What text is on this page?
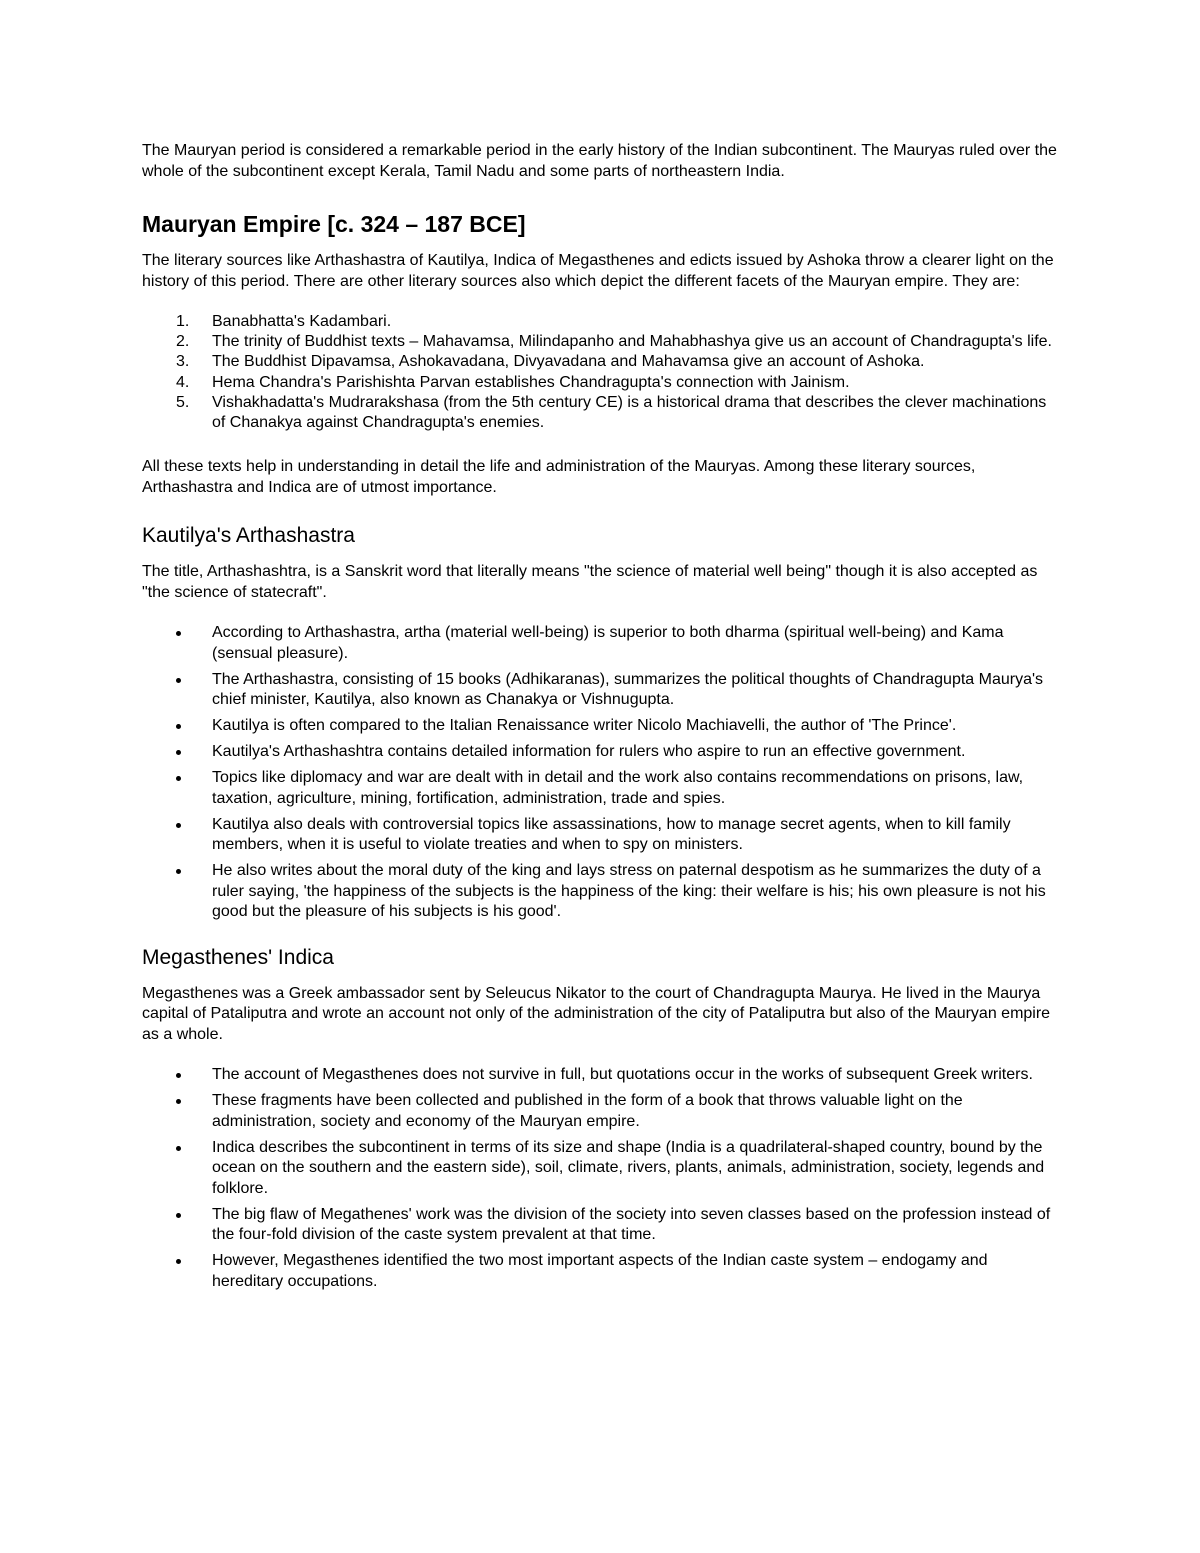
The Mauryan period is considered a remarkable period in the early history of the Indian subcontinent. The Mauryas ruled over the whole of the subcontinent except Kerala, Tamil Nadu and some parts of northeastern India.

Mauryan Empire [c. 324 – 187 BCE]

The literary sources like Arthashastra of Kautilya, Indica of Megasthenes and edicts issued by Ashoka throw a clearer light on the history of this period. There are other literary sources also which depict the different facets of the Mauryan empire. They are:

1. Banabhatta's Kadambari.
2. The trinity of Buddhist texts – Mahavamsa, Milindapanho and Mahabhashya give us an account of Chandragupta's life.
3. The Buddhist Dipavamsa, Ashokavadana, Divyavadana and Mahavamsa give an account of Ashoka.
4. Hema Chandra's Parishishta Parvan establishes Chandragupta's connection with Jainism.
5. Vishakhadatta's Mudrarakshasa (from the 5th century CE) is a historical drama that describes the clever machinations of Chanakya against Chandragupta's enemies.

All these texts help in understanding in detail the life and administration of the Mauryas. Among these literary sources, Arthashastra and Indica are of utmost importance.

Kautilya's Arthashastra

The title, Arthashashtra, is a Sanskrit word that literally means "the science of material well being" though it is also accepted as "the science of statecraft".

According to Arthashastra, artha (material well-being) is superior to both dharma (spiritual well-being) and Kama (sensual pleasure).
The Arthashastra, consisting of 15 books (Adhikaranas), summarizes the political thoughts of Chandragupta Maurya's chief minister, Kautilya, also known as Chanakya or Vishnugupta.
Kautilya is often compared to the Italian Renaissance writer Nicolo Machiavelli, the author of 'The Prince'.
Kautilya's Arthashashtra contains detailed information for rulers who aspire to run an effective government.
Topics like diplomacy and war are dealt with in detail and the work also contains recommendations on prisons, law, taxation, agriculture, mining, fortification, administration, trade and spies.
Kautilya also deals with controversial topics like assassinations, how to manage secret agents, when to kill family members, when it is useful to violate treaties and when to spy on ministers.
He also writes about the moral duty of the king and lays stress on paternal despotism as he summarizes the duty of a ruler saying, 'the happiness of the subjects is the happiness of the king: their welfare is his; his own pleasure is not his good but the pleasure of his subjects is his good'.
Megasthenes' Indica

Megasthenes was a Greek ambassador sent by Seleucus Nikator to the court of Chandragupta Maurya. He lived in the Maurya capital of Pataliputra and wrote an account not only of the administration of the city of Pataliputra but also of the Mauryan empire as a whole.

The account of Megasthenes does not survive in full, but quotations occur in the works of subsequent Greek writers.
These fragments have been collected and published in the form of a book that throws valuable light on the administration, society and economy of the Mauryan empire.
Indica describes the subcontinent in terms of its size and shape (India is a quadrilateral-shaped country, bound by the ocean on the southern and the eastern side), soil, climate, rivers, plants, animals, administration, society, legends and folklore.
The big flaw of Megathenes' work was the division of the society into seven classes based on the profession instead of the four-fold division of the caste system prevalent at that time.
However, Megasthenes identified the two most important aspects of the Indian caste system – endogamy and hereditary occupations.
